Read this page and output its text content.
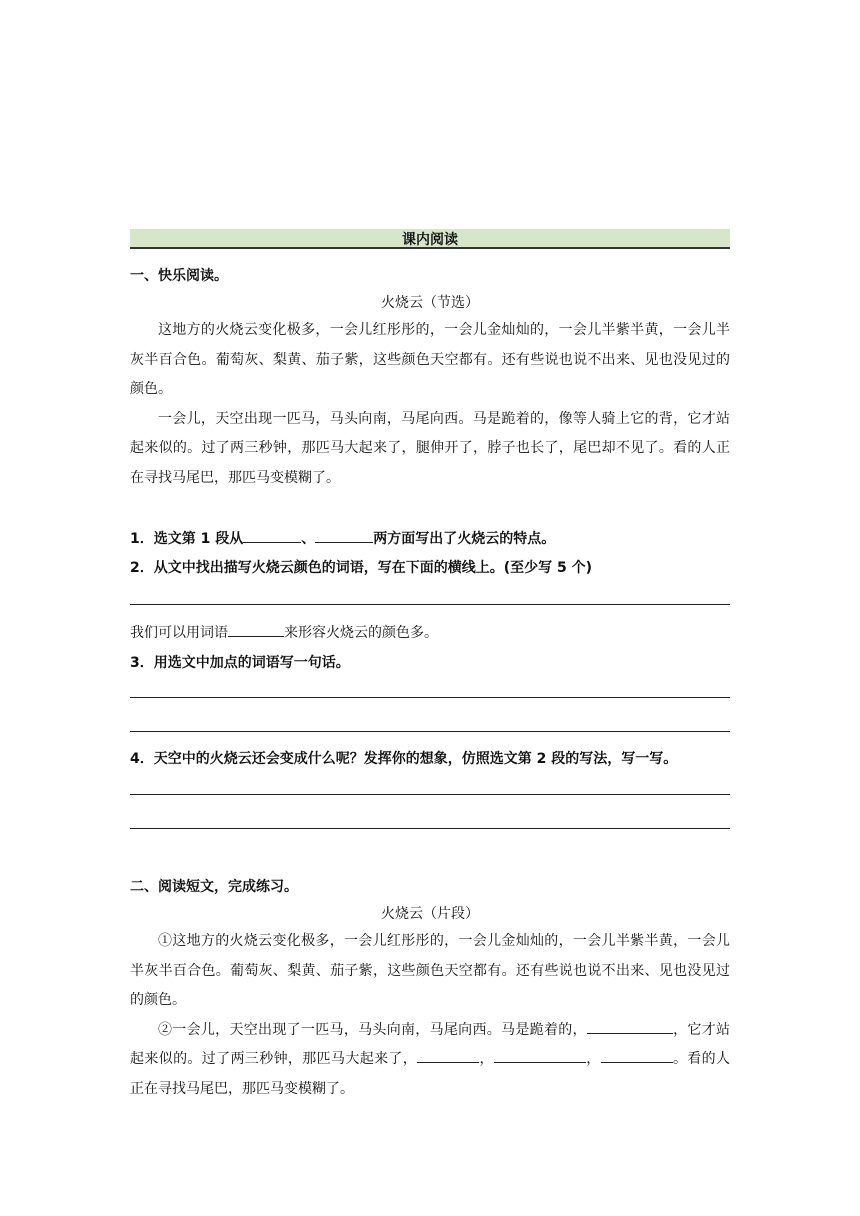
课内阅读
一、快乐阅读。
火烧云（节选）

这地方的火烧云变化极多，一会儿红彤彤的，一会儿金灿灿的，一会儿半紫半黄，一会儿半灰半百合色。葡萄灰、梨黄、茄子紫，这些颜色天空都有。还有些说也说不出来、见也没见过的颜色。

一会儿，天空出现一匹马，马头向南，马尾向西。马是跪着的，像等人骑上它的背，它才站起来似的。过了两三秒钟，那匹马大起来了，腿伸开了，脖子也长了，尾巴却不见了。看的人正在寻找马尾巴，那匹马变模糊了。

1．选文第 1 段从	、	两方面写出了火烧云的特点。
2．从文中找出描写火烧云颜色的词语，写在下面的横线上。(至少写 5 个)
我们可以用词语	来形容火烧云的颜色多。
3．用选文中加点的词语写一句话。
4．天空中的火烧云还会变成什么呢？发挥你的想象，仿照选文第 2 段的写法，写一写。
二、阅读短文，完成练习。
火烧云（片段）

①这地方的火烧云变化极多，一会儿红彤彤的，一会儿金灿灿的，一会儿半紫半黄，一会儿半灰半百合色。葡萄灰、梨黄、茄子紫，这些颜色天空都有。还有些说也说不出来、见也没见过的颜色。

②一会儿，天空出现了一匹马，马头向南，马尾向西。马是跪着的，	，它才站起来似的。过了两三秒钟，那匹马大起来了，	，	，	。看的人正在寻找马尾巴，那匹马变模糊了。
